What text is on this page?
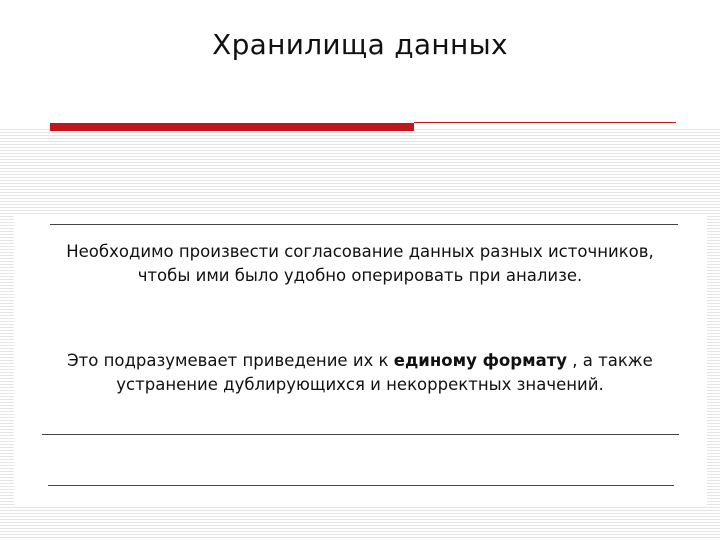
Хранилища данных

Необходимо произвести согласование данных разных источников, чтобы ими было удобно оперировать при анализе.

Это подразумевает приведение их к единому формату , а также устранение дублирующихся и некорректных значений.
